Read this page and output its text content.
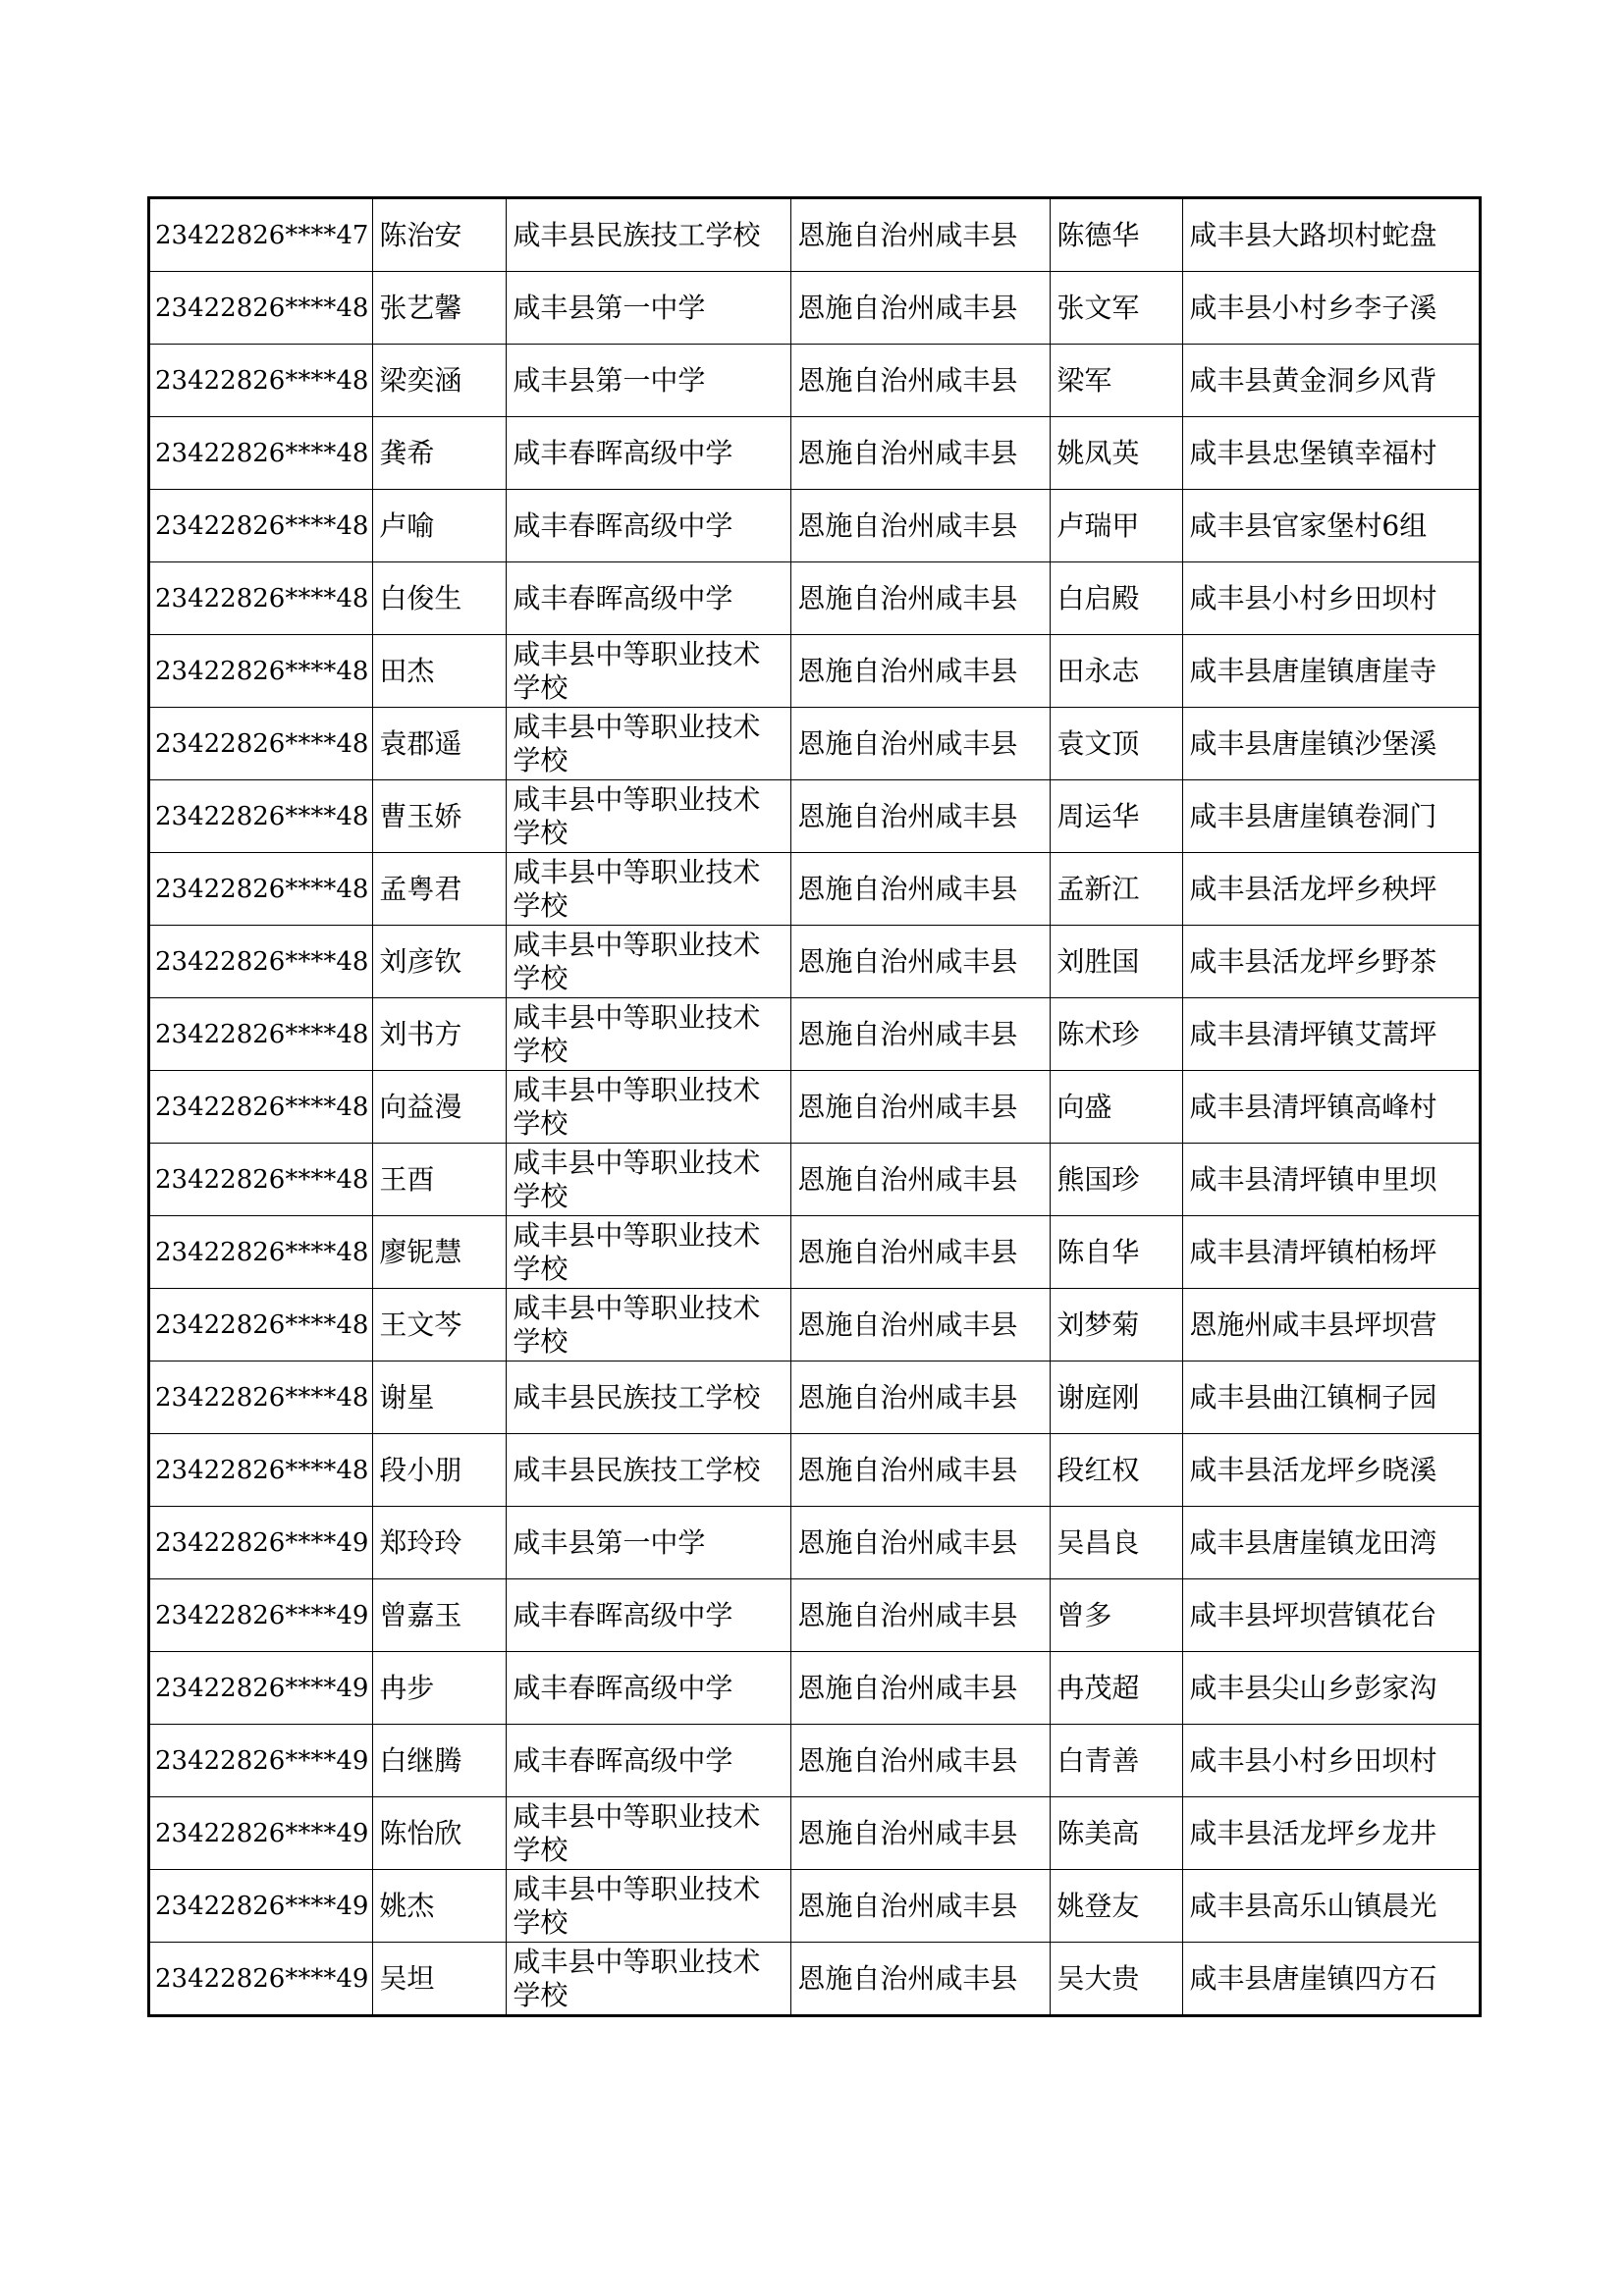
23422826****47	陈治安	咸丰县民族技工学校	恩施自治州咸丰县	陈德华	咸丰县大路坝村蛇盘
23422826****48	张艺馨	咸丰县第一中学	恩施自治州咸丰县	张文军	咸丰县小村乡李子溪
23422826****48	梁奕涵	咸丰县第一中学	恩施自治州咸丰县	梁军	咸丰县黄金洞乡风背
23422826****48	龚希	咸丰春晖高级中学	恩施自治州咸丰县	姚凤英	咸丰县忠堡镇幸福村
23422826****48	卢喻	咸丰春晖高级中学	恩施自治州咸丰县	卢瑞甲	咸丰县官家堡村6组
23422826****48	白俊生	咸丰春晖高级中学	恩施自治州咸丰县	白启殿	咸丰县小村乡田坝村
23422826****48	田杰	咸丰县中等职业技术学校	恩施自治州咸丰县	田永志	咸丰县唐崖镇唐崖寺
23422826****48	袁郡遥	咸丰县中等职业技术学校	恩施自治州咸丰县	袁文顶	咸丰县唐崖镇沙堡溪
23422826****48	曹玉娇	咸丰县中等职业技术学校	恩施自治州咸丰县	周运华	咸丰县唐崖镇卷洞门
23422826****48	孟粤君	咸丰县中等职业技术学校	恩施自治州咸丰县	孟新江	咸丰县活龙坪乡秧坪
23422826****48	刘彦钦	咸丰县中等职业技术学校	恩施自治州咸丰县	刘胜国	咸丰县活龙坪乡野茶
23422826****48	刘书方	咸丰县中等职业技术学校	恩施自治州咸丰县	陈术珍	咸丰县清坪镇艾蒿坪
23422826****48	向益漫	咸丰县中等职业技术学校	恩施自治州咸丰县	向盛	咸丰县清坪镇高峰村
23422826****48	王酉	咸丰县中等职业技术学校	恩施自治州咸丰县	熊国珍	咸丰县清坪镇申里坝
23422826****48	廖铌慧	咸丰县中等职业技术学校	恩施自治州咸丰县	陈自华	咸丰县清坪镇柏杨坪
23422826****48	王文芩	咸丰县中等职业技术学校	恩施自治州咸丰县	刘梦菊	恩施州咸丰县坪坝营
23422826****48	谢星	咸丰县民族技工学校	恩施自治州咸丰县	谢庭刚	咸丰县曲江镇桐子园
23422826****48	段小朋	咸丰县民族技工学校	恩施自治州咸丰县	段红权	咸丰县活龙坪乡晓溪
23422826****49	郑玲玲	咸丰县第一中学	恩施自治州咸丰县	吴昌良	咸丰县唐崖镇龙田湾
23422826****49	曾嘉玉	咸丰春晖高级中学	恩施自治州咸丰县	曾多	咸丰县坪坝营镇花台
23422826****49	冉步	咸丰春晖高级中学	恩施自治州咸丰县	冉茂超	咸丰县尖山乡彭家沟
23422826****49	白继腾	咸丰春晖高级中学	恩施自治州咸丰县	白青善	咸丰县小村乡田坝村
23422826****49	陈怡欣	咸丰县中等职业技术学校	恩施自治州咸丰县	陈美高	咸丰县活龙坪乡龙井
23422826****49	姚杰	咸丰县中等职业技术学校	恩施自治州咸丰县	姚登友	咸丰县高乐山镇晨光
23422826****49	吴坦	咸丰县中等职业技术学校	恩施自治州咸丰县	吴大贵	咸丰县唐崖镇四方石
